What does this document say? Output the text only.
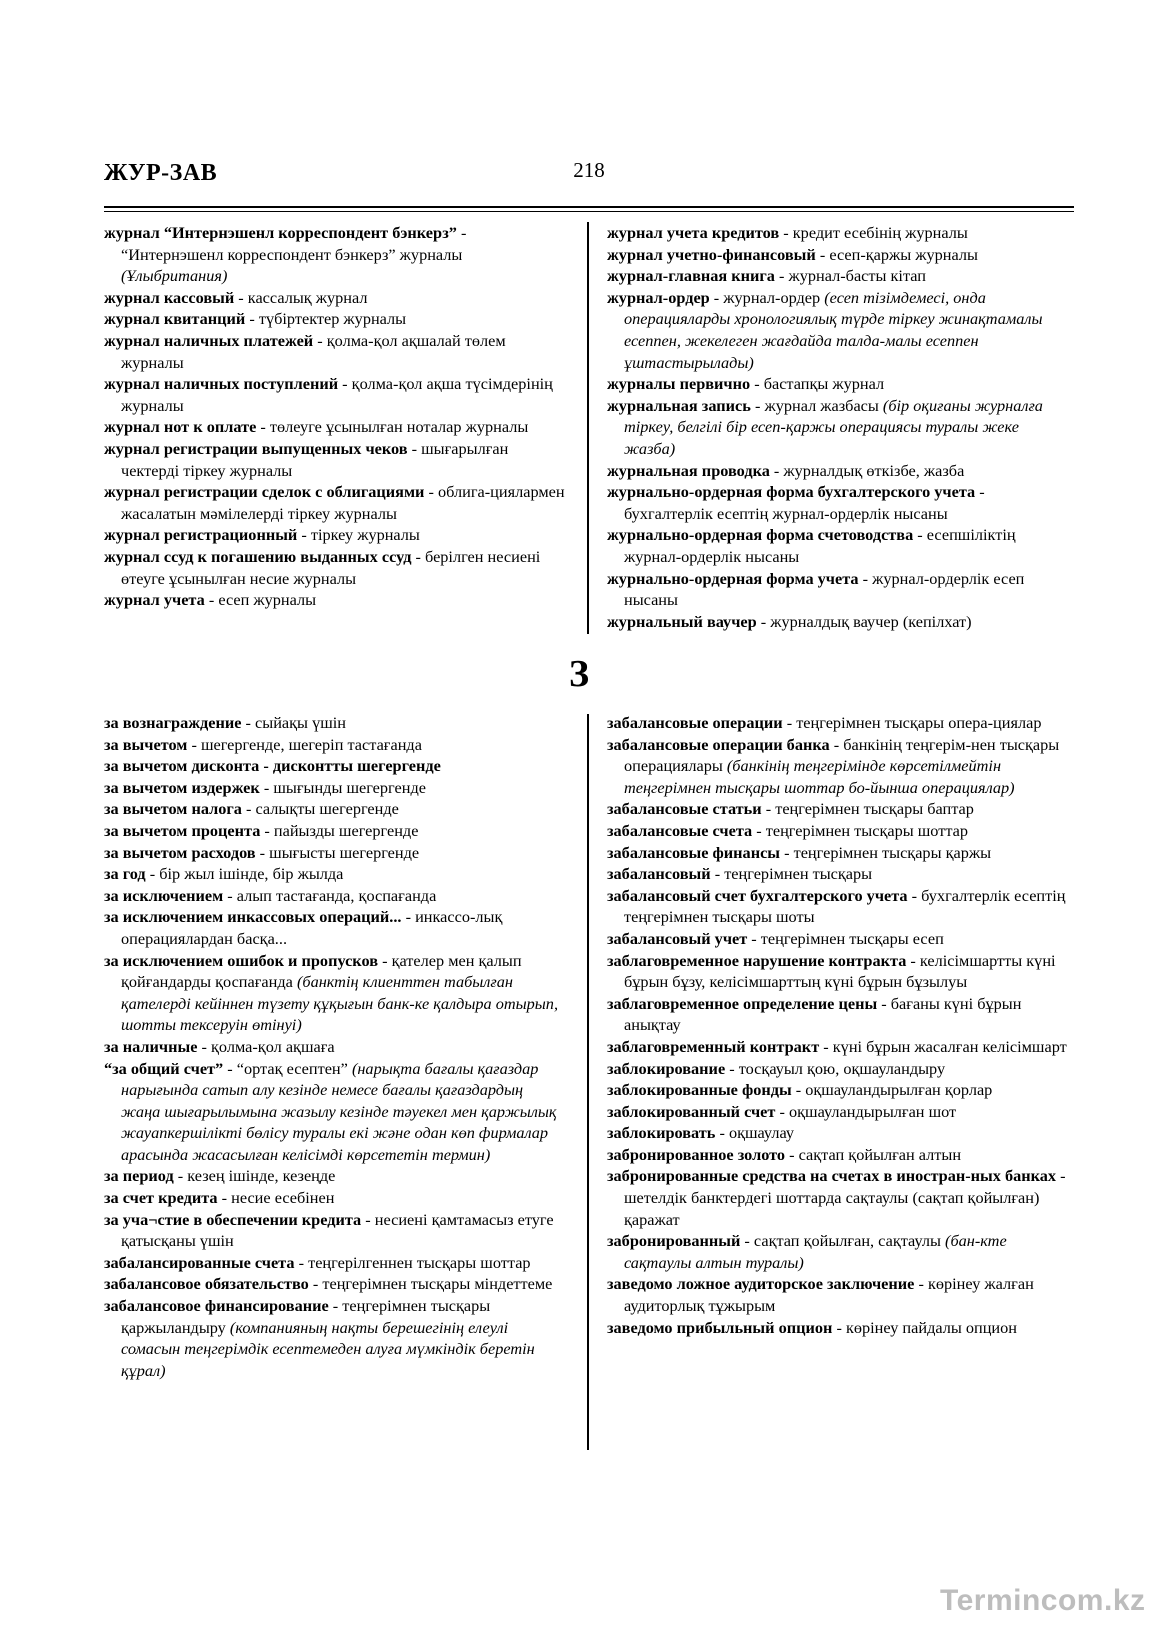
ЖУР-ЗАВ	218

журнал “Интернэшенл корреспондент бэнкерз” - “Интернэшенл корреспондент бэнкерз” журналы (Ұлыбритания)

журнал кассовый - кассалық журнал

журнал квитанций - түбіртектер журналы

журнал наличных платежей - қолма-қол ақшалай төлем журналы

журнал наличных поступлений - қолма-қол ақша түсімдерінің журналы

журнал нот к оплате - төлеуге ұсынылған ноталар журналы

журнал регистрации выпущенных чеков - шығарылған чектерді тіркеу журналы

журнал регистрации сделок с облигациями - облига-циялармен жасалатын мәмілелерді тіркеу журналы

журнал регистрационный - тіркеу журналы

журнал ссуд к погашению выданных ссуд - берілген несиені өтеуге ұсынылған несие журналы

журнал учета - есеп журналы

журнал учета кредитов - кредит есебінің журналы

журнал учетно-финансовый - есеп-қаржы журналы

журнал-главная книга - журнал-басты кітап

журнал-ордер - журнал-ордер (есеп тізімдемесі, онда операцияларды хронологиялық түрде тіркеу жинақтамалы есеппен, жекелеген жағдайда талда-малы есеппен ұштастырылады)

журналы первично - бастапқы журнал

журнальная запись - журнал жазбасы (бір оқиғаны журналға тіркеу, белгілі бір есеп-қаржы операциясы туралы жеке жазба)

журнальная проводка - журналдық өткізбе, жазба

журнально-ордерная форма бухгалтерского учета - бухгалтерлік есептің журнал-ордерлік нысаны

журнально-ордерная форма счетоводства - есепшіліктің журнал-ордерлік нысаны

журнально-ордерная форма учета - журнал-ордерлік есеп нысаны

журнальный ваучер - журналдық ваучер (кепілхат)

З

за вознаграждение - сыйақы үшін

за вычетом - шегергенде, шегеріп тастағанда

за вычетом дисконта - дисконтты шегергенде

за вычетом издержек - шығынды шегергенде

за вычетом налога - салықты шегергенде

за вычетом процента - пайызды шегергенде

за вычетом расходов - шығысты шегергенде

за год - бір жыл ішінде, бір жылда

за исключением - алып тастағанда, қоспағанда

за исключением инкассовых операций... - инкассо-лық операциялардан басқа...

за исключением ошибок и пропусков - қателер мен қалып қойғандарды қоспағанда (банктің клиенттен табылған қателерді кейіннен түзету құқығын банк-ке қалдыра отырып, шотты тексеруін өтінуі)

за наличные - қолма-қол ақшаға

“за общий счет” - “ортақ есептен” (нарықта бағалы қағаздар нарығында сатып алу кезінде немесе бағалы қағаздардың жаңа шығарылымына жазылу кезінде тәуекел мен қаржылық жауапкершілікті бөлісу туралы екі және одан көп фирмалар арасында жасасылған келісімді көрсететін термин)

за период - кезең ішінде, кезеңде

за счет кредита - несие есебінен

за уча¬стие в обеспечении кредита - несиені қамтамасыз етуге қатысқаны үшін

забалансированные счета - теңгерілгеннен тысқары шоттар

забалансовое обязательство - теңгерімнен тысқары міндеттеме

забалансовое финансирование - теңгерімнен тысқары қаржыландыру (компанияның нақты берешегінің елеулі сомасын теңгерімдік есептемеден алуға мүмкіндік беретін құрал)

забалансовые операции - теңгерімнен тысқары опера-циялар

забалансовые операции банка - банкінің теңгерім-нен тысқары операциялары (банкінің теңгерімінде көрсетілмейтін теңгерімнен тысқары шоттар бо-йынша операциялар)

забалансовые статьи - теңгерімнен тысқары баптар

забалансовые счета - теңгерімнен тысқары шоттар

забалансовые финансы - теңгерімнен тысқары қаржы

забалансовый - теңгерімнен тысқары

забалансовый счет бухгалтерского учета - бухгалтерлік есептің теңгерімнен тысқары шоты

забалансовый учет - теңгерімнен тысқары есеп

заблаговременное нарушение контракта - келісімшартты күні бұрын бұзу, келісімшарттың күні бұрын бұзылуы

заблаговременное определение цены - бағаны күні бұрын анықтау

заблаговременный контракт - күні бұрын жасалған келісімшарт

заблокирование - тосқауыл қою, оқшауландыру

заблокированные фонды - оқшауландырылған қорлар

заблокированный счет - оқшауландырылған шот

заблокировать - оқшаулау

забронированное золото - сақтап қойылған алтын

забронированные средства на счетах в иностран-ных банках - шетелдік банктердегі шоттарда сақтаулы (сақтап қойылған) қаражат

забронированный - сақтап қойылған, сақтаулы (бан-кте сақтаулы алтын туралы)

заведомо ложное аудиторское заключение - көрінеу жалған аудиторлық тұжырым

заведомо прибыльный опцион - көрінеу пайдалы опцион

Termincom.kz
